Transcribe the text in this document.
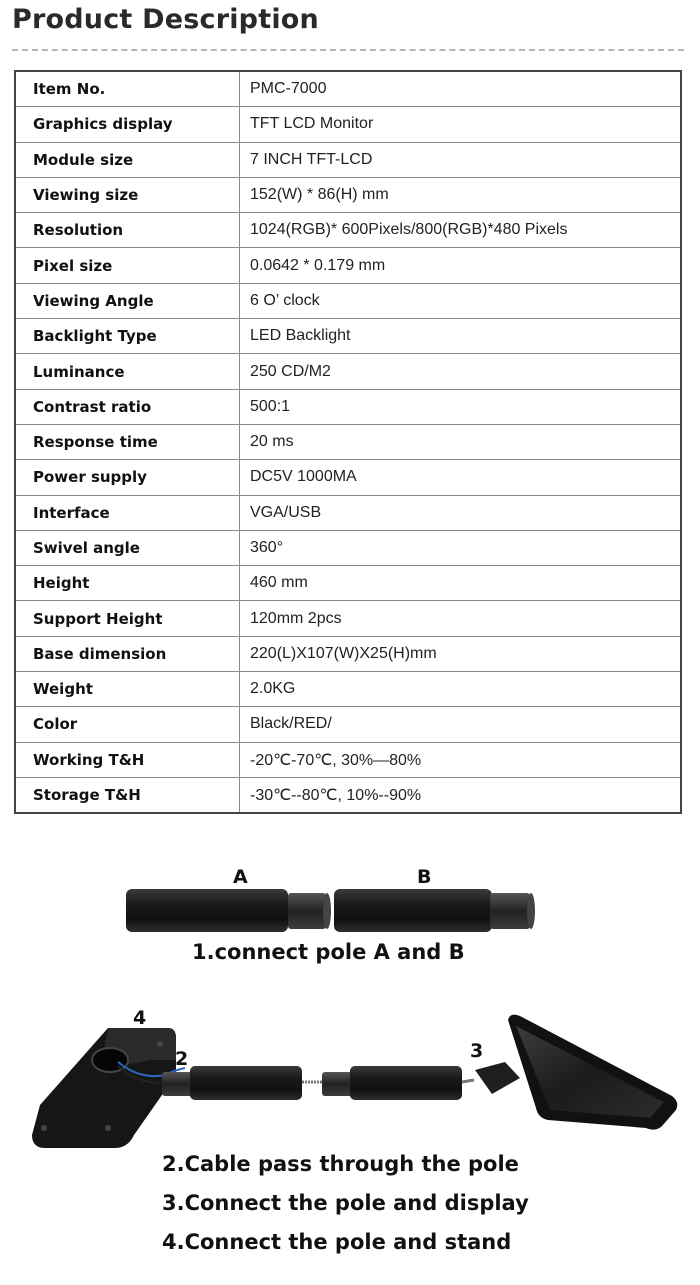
Product Description
Item No.	PMC-7000
Graphics display	TFT LCD Monitor
Module size	7 INCH TFT-LCD
Viewing size	152(W) * 86(H) mm
Resolution	1024(RGB)* 600Pixels/800(RGB)*480 Pixels
Pixel size	0.0642 * 0.179 mm
Viewing Angle	6 O’ clock
Backlight Type	LED Backlight
Luminance	250 CD/M2
Contrast ratio	500:1
Response time	20 ms
Power supply	DC5V 1000MA
Interface	VGA/USB
Swivel angle	360°
Height	460 mm
Support Height	120mm 2pcs
Base dimension	220(L)X107(W)X25(H)mm
Weight	2.0KG
Color	Black/RED/
Working T&H	-20℃-70℃, 30%—80%
Storage T&H	-30℃--80℃, 10%--90%
A	B
4
2	3

1.connect pole A and B

2.Cable pass through the pole

3.Connect the pole and display

4.Connect the pole and stand
